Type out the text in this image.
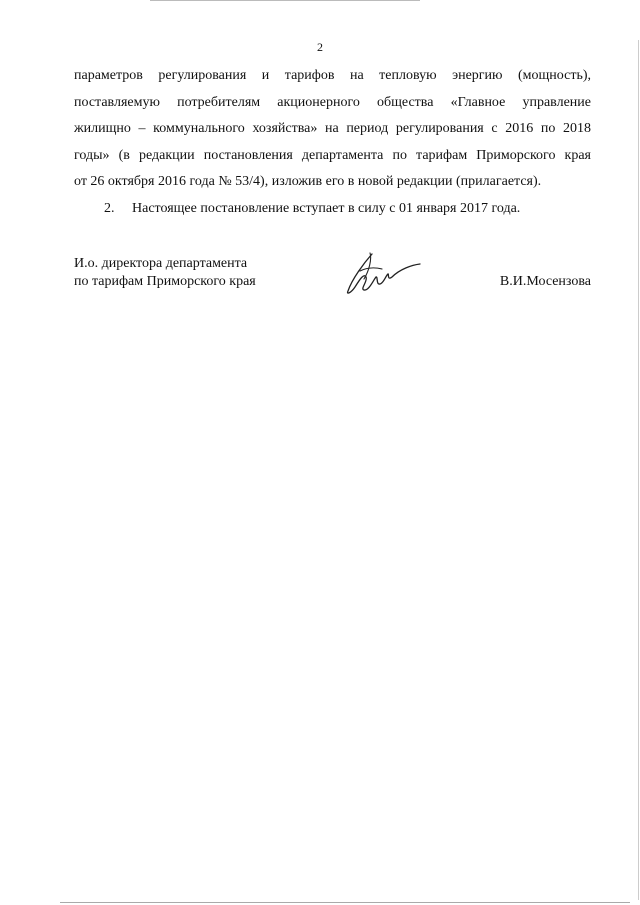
2

параметров регулирования и тарифов на тепловую энергию (мощность),
поставляемую потребителям акционерного общества «Главное управление
жилищно – коммунального хозяйства» на период регулирования с 2016 по 2018
годы» (в редакции постановления департамента по тарифам Приморского края
от 26 октября 2016 года № 53/4), изложив его в новой редакции (прилагается).

2. Настоящее постановление вступает в силу с 01 января 2017 года.

И.о. директора департамента
по тарифам Приморского края	В.И.Мосензова
